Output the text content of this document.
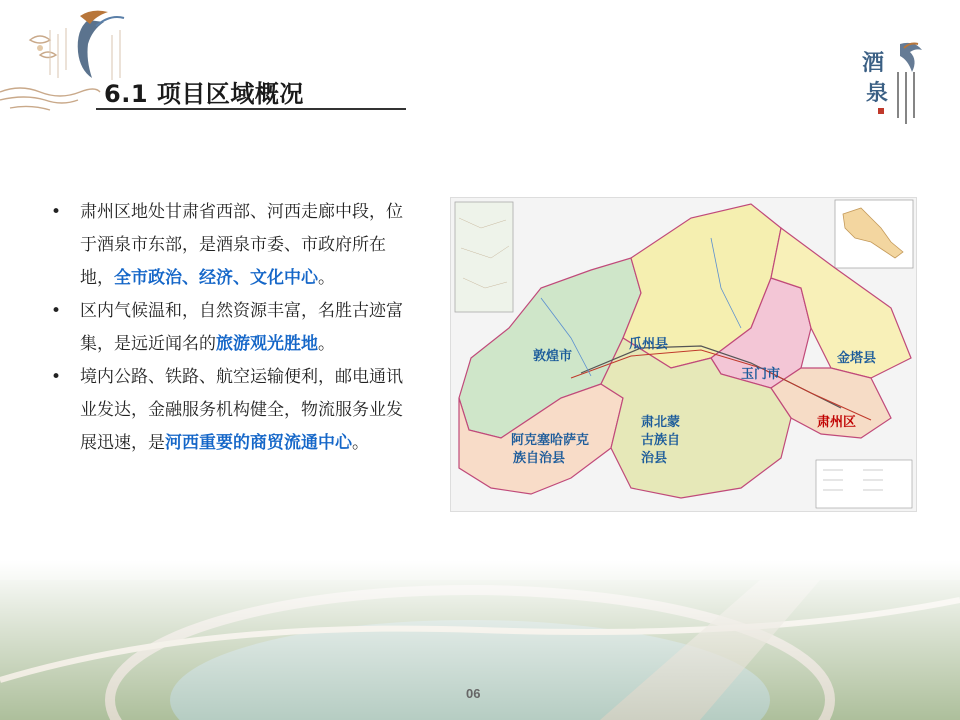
6.1 项目区域概况
酒
泉
• 肃州区地处甘肃省西部、河西走廊中段，位于酒泉市东部，是酒泉市委、市政府所在地，全市政治、经济、文化中心。
• 区内气候温和，自然资源丰富，名胜古迹富集，是远近闻名的旅游观光胜地。
• 境内公路、铁路、航空运输便利，邮电通讯业发达，金融服务机构健全，物流服务业发展迅速，是河西重要的商贸流通中心。
敦煌市
瓜州县
玉门市
金塔县
阿克塞哈萨克
族自治县
肃北蒙
古族自
治县
肃州区
06
